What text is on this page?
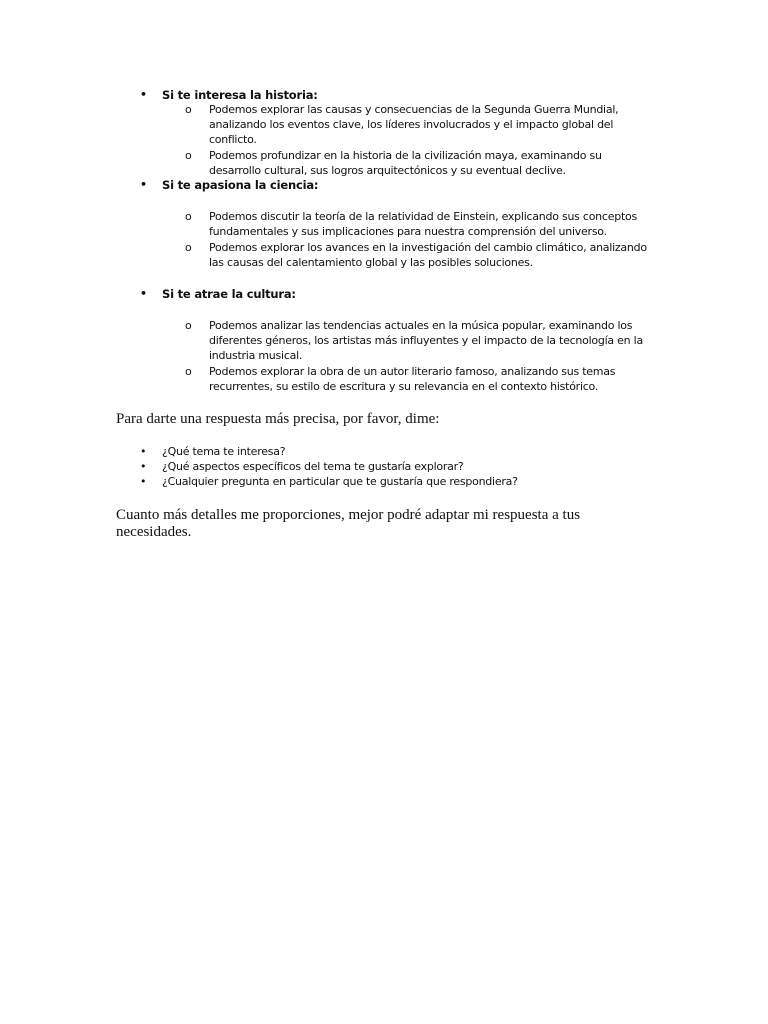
• Si te interesa la historia:
o Podemos explorar las causas y consecuencias de la Segunda Guerra Mundial, analizando los eventos clave, los líderes involucrados y el impacto global del conflicto.
o Podemos profundizar en la historia de la civilización maya, examinando su desarrollo cultural, sus logros arquitectónicos y su eventual declive.
• Si te apasiona la ciencia:
o Podemos discutir la teoría de la relatividad de Einstein, explicando sus conceptos fundamentales y sus implicaciones para nuestra comprensión del universo.
o Podemos explorar los avances en la investigación del cambio climático, analizando las causas del calentamiento global y las posibles soluciones.
• Si te atrae la cultura:
o Podemos analizar las tendencias actuales en la música popular, examinando los diferentes géneros, los artistas más influyentes y el impacto de la tecnología en la industria musical.
o Podemos explorar la obra de un autor literario famoso, analizando sus temas recurrentes, su estilo de escritura y su relevancia en el contexto histórico.
Para darte una respuesta más precisa, por favor, dime:
• ¿Qué tema te interesa?
• ¿Qué aspectos específicos del tema te gustaría explorar?
• ¿Cualquier pregunta en particular que te gustaría que respondiera?
Cuanto más detalles me proporciones, mejor podré adaptar mi respuesta a tus necesidades.
